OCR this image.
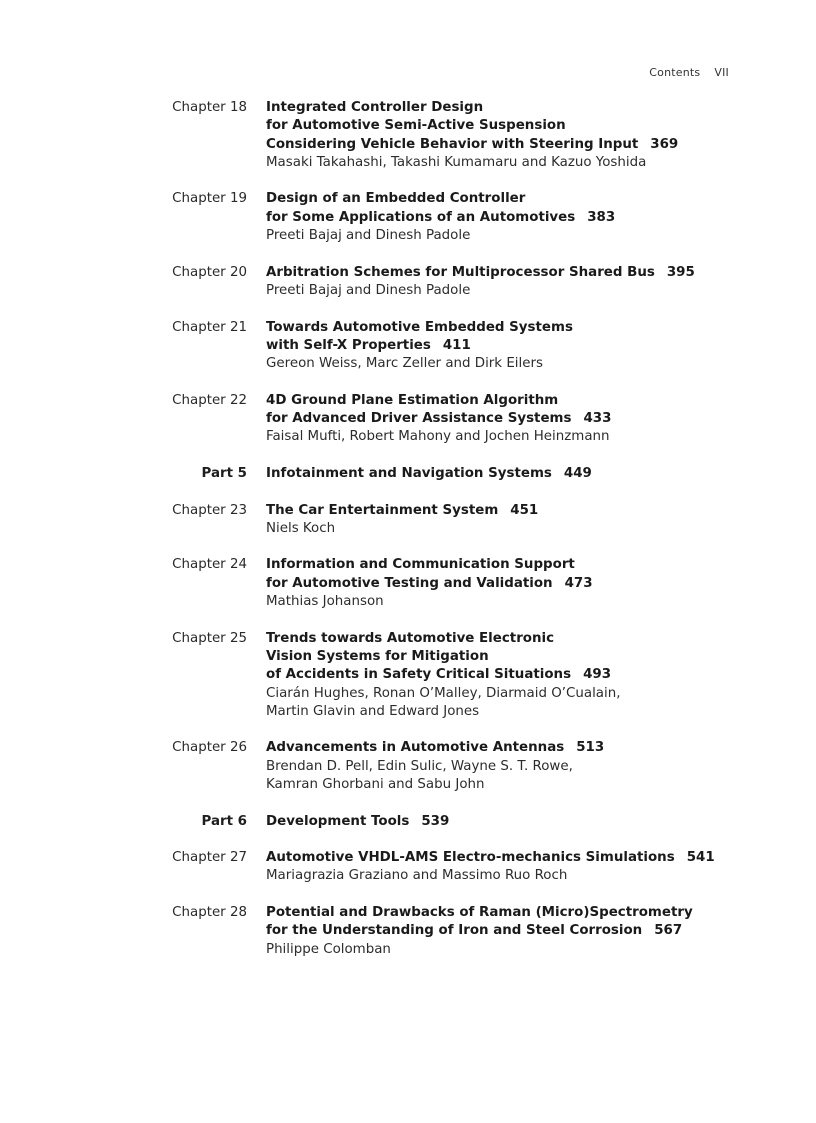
Contents VII
Chapter 18 Integrated Controller Design
for Automotive Semi-Active Suspension
Considering Vehicle Behavior with Steering Input 369
Masaki Takahashi, Takashi Kumamaru and Kazuo Yoshida
Chapter 19 Design of an Embedded Controller
for Some Applications of an Automotives 383
Preeti Bajaj and Dinesh Padole
Chapter 20 Arbitration Schemes for Multiprocessor Shared Bus 395
Preeti Bajaj and Dinesh Padole
Chapter 21 Towards Automotive Embedded Systems
with Self-X Properties 411
Gereon Weiss, Marc Zeller and Dirk Eilers
Chapter 22 4D Ground Plane Estimation Algorithm
for Advanced Driver Assistance Systems 433
Faisal Mufti, Robert Mahony and Jochen Heinzmann
Part 5 Infotainment and Navigation Systems 449
Chapter 23 The Car Entertainment System 451
Niels Koch
Chapter 24 Information and Communication Support
for Automotive Testing and Validation 473
Mathias Johanson
Chapter 25 Trends towards Automotive Electronic
Vision Systems for Mitigation
of Accidents in Safety Critical Situations 493
Ciarán Hughes, Ronan O’Malley, Diarmaid O’Cualain,
Martin Glavin and Edward Jones
Chapter 26 Advancements in Automotive Antennas 513
Brendan D. Pell, Edin Sulic, Wayne S. T. Rowe,
Kamran Ghorbani and Sabu John
Part 6 Development Tools 539
Chapter 27 Automotive VHDL-AMS Electro-mechanics Simulations 541
Mariagrazia Graziano and Massimo Ruo Roch
Chapter 28 Potential and Drawbacks of Raman (Micro)Spectrometry
for the Understanding of Iron and Steel Corrosion 567
Philippe Colomban
